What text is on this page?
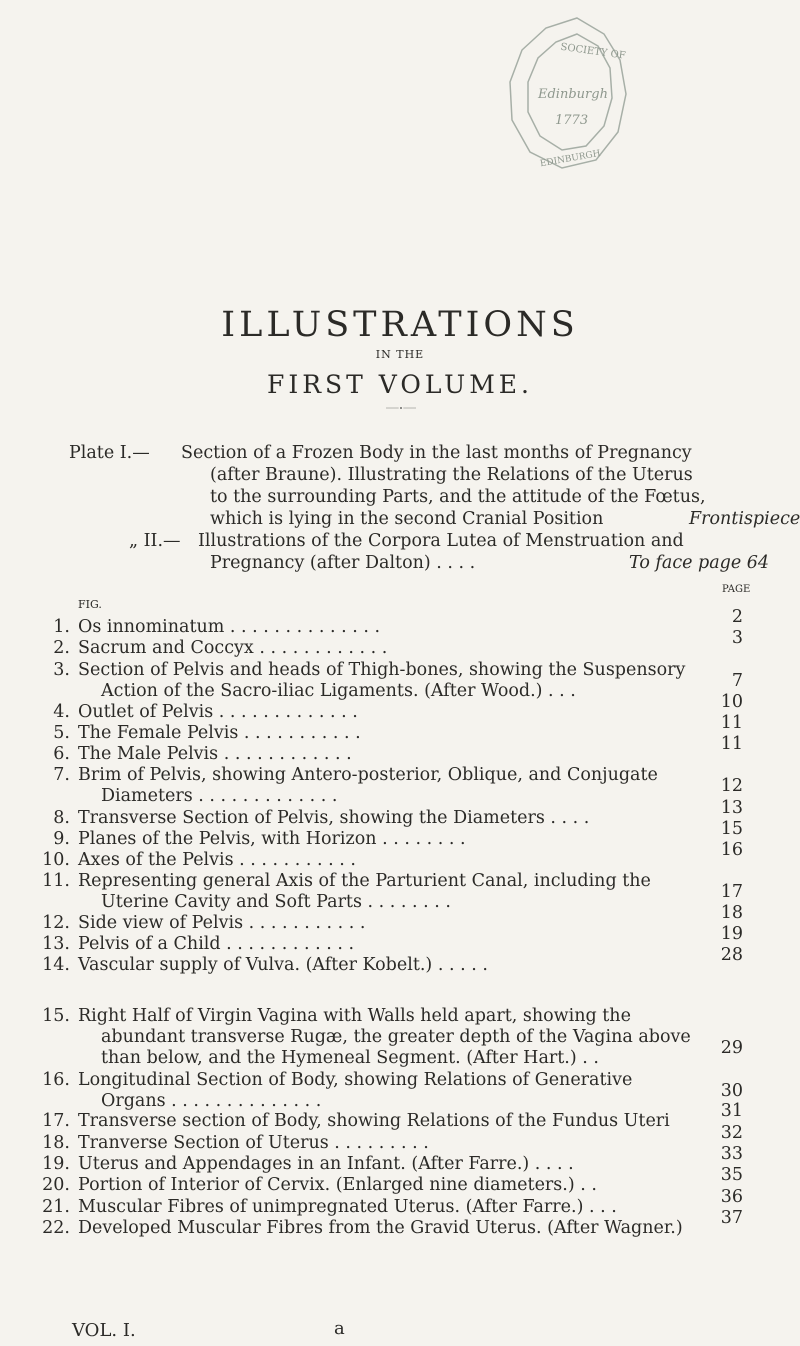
SOCIETY OF
Edinburgh
1773
EDINBURGH
ILLUSTRATIONS
IN THE
FIRST VOLUME.
Plate I.— Section of a Frozen Body in the last months of Pregnancy
(after Braune). Illustrating the Relations of the Uterus
to the surrounding Parts, and the attitude of the Fœtus,
which is lying in the second Cranial Position	Frontispiece
„ II.— Illustrations of the Corpora Lutea of Menstruation and
Pregnancy (after Dalton) . . . .	To face page 64
PAGE
FIG.
1. Os innominatum . . . . . . . . . . . . . .	2
2. Sacrum and Coccyx . . . . . . . . . . . .	3
3. Section of Pelvis and heads of Thigh-bones, showing the Suspensory
Action of the Sacro-iliac Ligaments. (After Wood.) . . .	7
4. Outlet of Pelvis . . . . . . . . . . . . .	10
5. The Female Pelvis . . . . . . . . . . .	11
6. The Male Pelvis . . . . . . . . . . . .	11
7. Brim of Pelvis, showing Antero-posterior, Oblique, and Conjugate
Diameters . . . . . . . . . . . . .	12
8. Transverse Section of Pelvis, showing the Diameters . . . .	13
9. Planes of the Pelvis, with Horizon . . . . . . . .	15
10. Axes of the Pelvis . . . . . . . . . . .	16
11. Representing general Axis of the Parturient Canal, including the
Uterine Cavity and Soft Parts . . . . . . . .	17
12. Side view of Pelvis . . . . . . . . . . .	18
13. Pelvis of a Child . . . . . . . . . . . .	19
14. Vascular supply of Vulva. (After Kobelt.) . . . . .	28
15. Right Half of Virgin Vagina with Walls held apart, showing the
abundant transverse Rugæ, the greater depth of the Vagina above
than below, and the Hymeneal Segment. (After Hart.) . .	29
16. Longitudinal Section of Body, showing Relations of Generative
Organs . . . . . . . . . . . . . .	30
17. Transverse section of Body, showing Relations of the Fundus Uteri	31
18. Tranverse Section of Uterus . . . . . . . . .	32
19. Uterus and Appendages in an Infant. (After Farre.) . . . .	33
20. Portion of Interior of Cervix. (Enlarged nine diameters.) . .	35
21. Muscular Fibres of unimpregnated Uterus. (After Farre.) . . .	36
22. Developed Muscular Fibres from the Gravid Uterus. (After Wagner.)	37
VOL. I.	a
